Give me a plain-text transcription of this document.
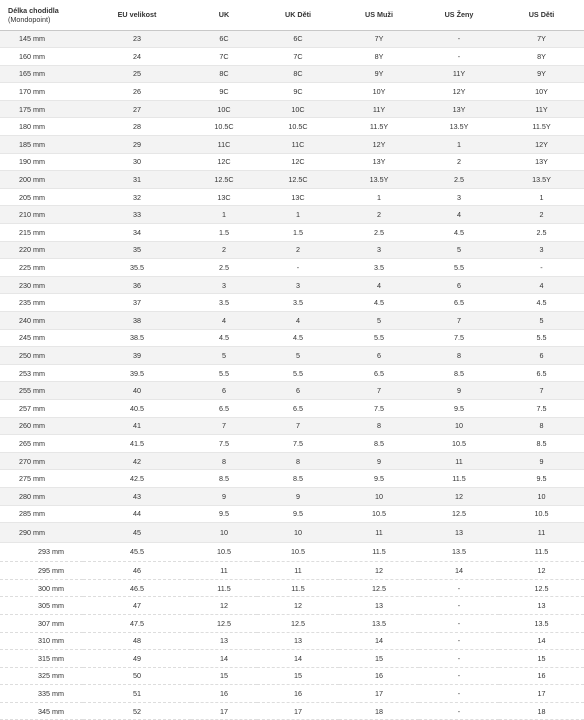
Délka chodidla
(Mondopoint)	EU velikost	UK	UK Děti	US Muži	US Ženy	US Děti
145 mm	23	6C	6C	7Y	-	7Y
160 mm	24	7C	7C	8Y	-	8Y
165 mm	25	8C	8C	9Y	11Y	9Y
170 mm	26	9C	9C	10Y	12Y	10Y
175 mm	27	10C	10C	11Y	13Y	11Y
180 mm	28	10.5C	10.5C	11.5Y	13.5Y	11.5Y
185 mm	29	11C	11C	12Y	1	12Y
190 mm	30	12C	12C	13Y	2	13Y
200 mm	31	12.5C	12.5C	13.5Y	2.5	13.5Y
205 mm	32	13C	13C	1	3	1
210 mm	33	1	1	2	4	2
215 mm	34	1.5	1.5	2.5	4.5	2.5
220 mm	35	2	2	3	5	3
225 mm	35.5	2.5	-	3.5	5.5	-
230 mm	36	3	3	4	6	4
235 mm	37	3.5	3.5	4.5	6.5	4.5
240 mm	38	4	4	5	7	5
245 mm	38.5	4.5	4.5	5.5	7.5	5.5
250 mm	39	5	5	6	8	6
253 mm	39.5	5.5	5.5	6.5	8.5	6.5
255 mm	40	6	6	7	9	7
257 mm	40.5	6.5	6.5	7.5	9.5	7.5
260 mm	41	7	7	8	10	8
265 mm	41.5	7.5	7.5	8.5	10.5	8.5
270 mm	42	8	8	9	11	9
275 mm	42.5	8.5	8.5	9.5	11.5	9.5
280 mm	43	9	9	10	12	10
285 mm	44	9.5	9.5	10.5	12.5	10.5
290 mm	45	10	10	11	13	11
293 mm	45.5	10.5	10.5	11.5	13.5	11.5
295 mm	46	11	11	12	14	12
300 mm	46.5	11.5	11.5	12.5	-	12.5
305 mm	47	12	12	13	-	13
307 mm	47.5	12.5	12.5	13.5	-	13.5
310 mm	48	13	13	14	-	14
315 mm	49	14	14	15	-	15
325 mm	50	15	15	16	-	16
335 mm	51	16	16	17	-	17
345 mm	52	17	17	18	-	18
